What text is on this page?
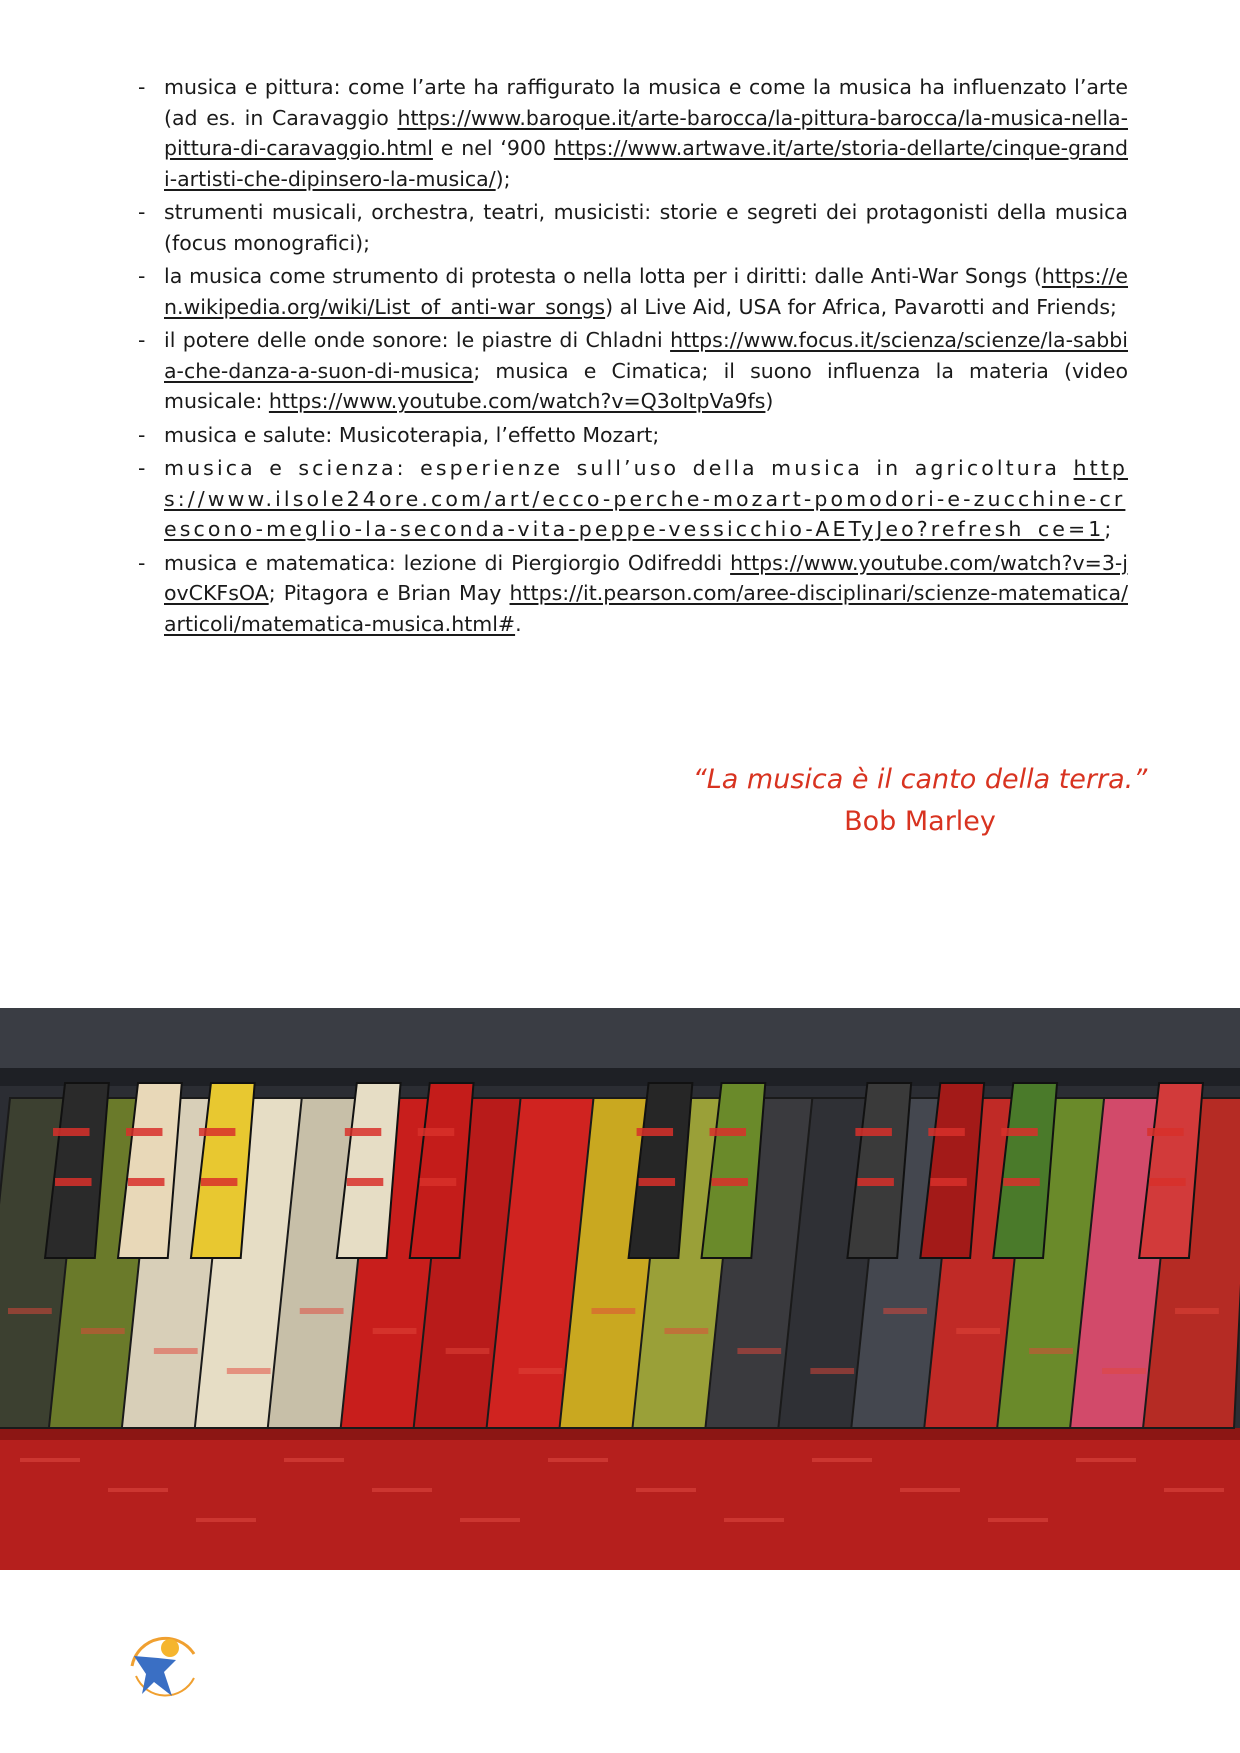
- musica e pittura: come l’arte ha raffigurato la musica e come la musica ha influenzato l’arte (ad es. in Caravaggio https://www.baroque.it/arte-barocca/la-pittura-barocca/la-musica-nella-pittura-di-caravaggio.html e nel ‘900 https://www.artwave.it/arte/storia-dellarte/cinque-grandi-artisti-che-dipinsero-la-musica/);
- strumenti musicali, orchestra, teatri, musicisti: storie e segreti dei protagonisti della musica (focus monografici);
- la musica come strumento di protesta o nella lotta per i diritti: dalle Anti-War Songs (https://en.wikipedia.org/wiki/List_of_anti-war_songs) al Live Aid, USA for Africa, Pavarotti and Friends;
- il potere delle onde sonore: le piastre di Chladni https://www.focus.it/scienza/scienze/la-sabbia-che-danza-a-suon-di-musica; musica e Cimatica; il suono influenza la materia (video musicale: https://www.youtube.com/watch?v=Q3oItpVa9fs)
- musica e salute: Musicoterapia, l’effetto Mozart;
- musica e scienza: esperienze sull’uso della musica in agricoltura https://www.ilsole24ore.com/art/ecco-perche-mozart-pomodori-e-zucchine-crescono-meglio-la-seconda-vita-peppe-vessicchio-AETyJeo?refresh_ce=1;
- musica e matematica: lezione di Piergiorgio Odifreddi https://www.youtube.com/watch?v=3-jovCKFsOA; Pitagora e Brian May https://it.pearson.com/aree-disciplinari/scienze-matematica/articoli/matematica-musica.html#.
“La musica è il canto della terra.”
Bob Marley
